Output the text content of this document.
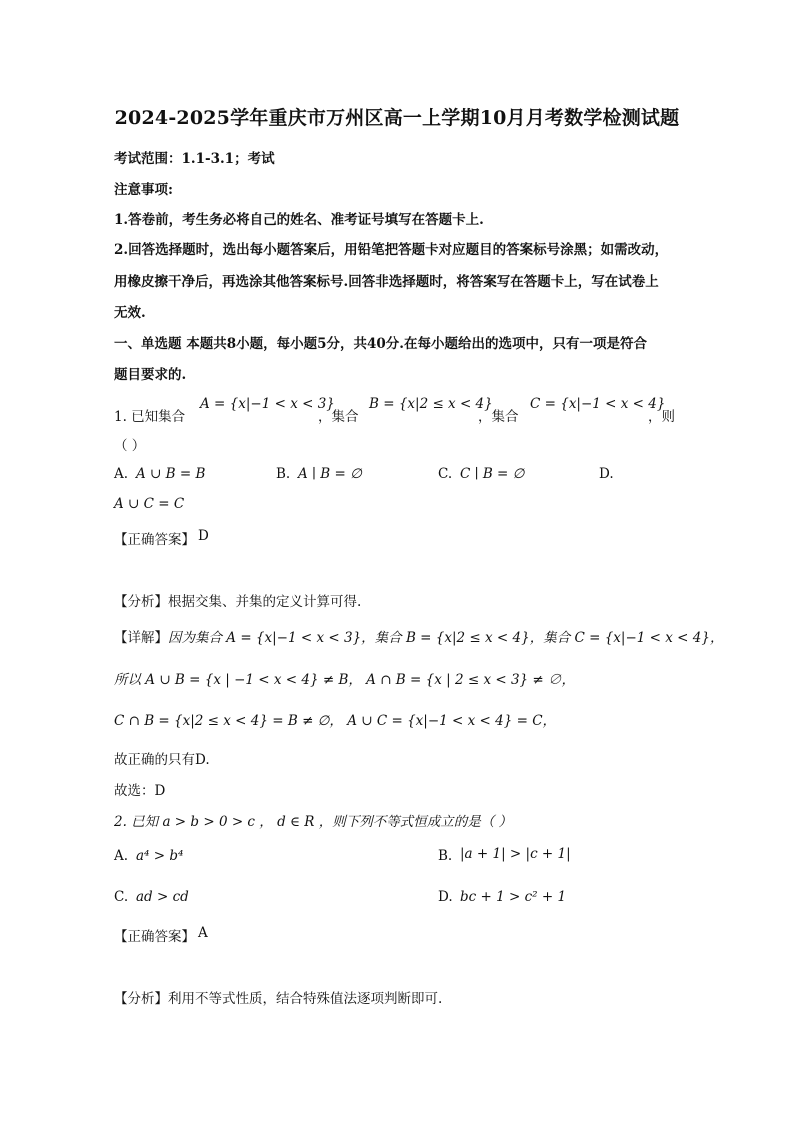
2024-2025学年重庆市万州区高一上学期10月月考数学检测试题
考试范围：1.1-3.1；考试
注意事项:
1.答卷前，考生务必将自己的姓名、准考证号填写在答题卡上.
2.回答选择题时，选出每小题答案后，用铅笔把答题卡对应题目的答案标号涂黑；如需改动，
用橡皮擦干净后，再选涂其他答案标号.回答非选择题时，将答案写在答题卡上，写在试卷上
无效.
一、单选题 本题共8小题，每小题5分，共40分.在每小题给出的选项中，只有一项是符合
题目要求的.
1. 已知集合
A = {x|−1 < x < 3}
，集合
B = {x|2 ≤ x < 4}
，集合
C = {x|−1 < x < 4}
，则
（ ）
A. A ∪ B = B	B. A ∣ B = ∅	C. C ∣ B = ∅	D.
A ∪ C = C
【正确答案】 D
【分析】 根据交集、并集的定义计算可得.
【详解】 因为集合 A = {x|−1 < x < 3}，集合 B = {x|2 ≤ x < 4}，集合 C = {x|−1 < x < 4}，
所以 A ∪ B = {x | −1 < x < 4} ≠ B， A ∩ B = {x | 2 ≤ x < 3} ≠ ∅，
C ∩ B = {x|2 ≤ x < 4} = B ≠ ∅， A ∪ C = {x|−1 < x < 4} = C，
故正确的只有D.
故选：D
2. 已知 a > b > 0 > c ， d ∈ R ，则下列不等式恒成立的是（ ）
A. a⁴ > b⁴	B. |a + 1| > |c + 1|
C. ad > cd	D. bc + 1 > c² + 1
【正确答案】 A
【分析】 利用不等式性质，结合特殊值法逐项判断即可.
